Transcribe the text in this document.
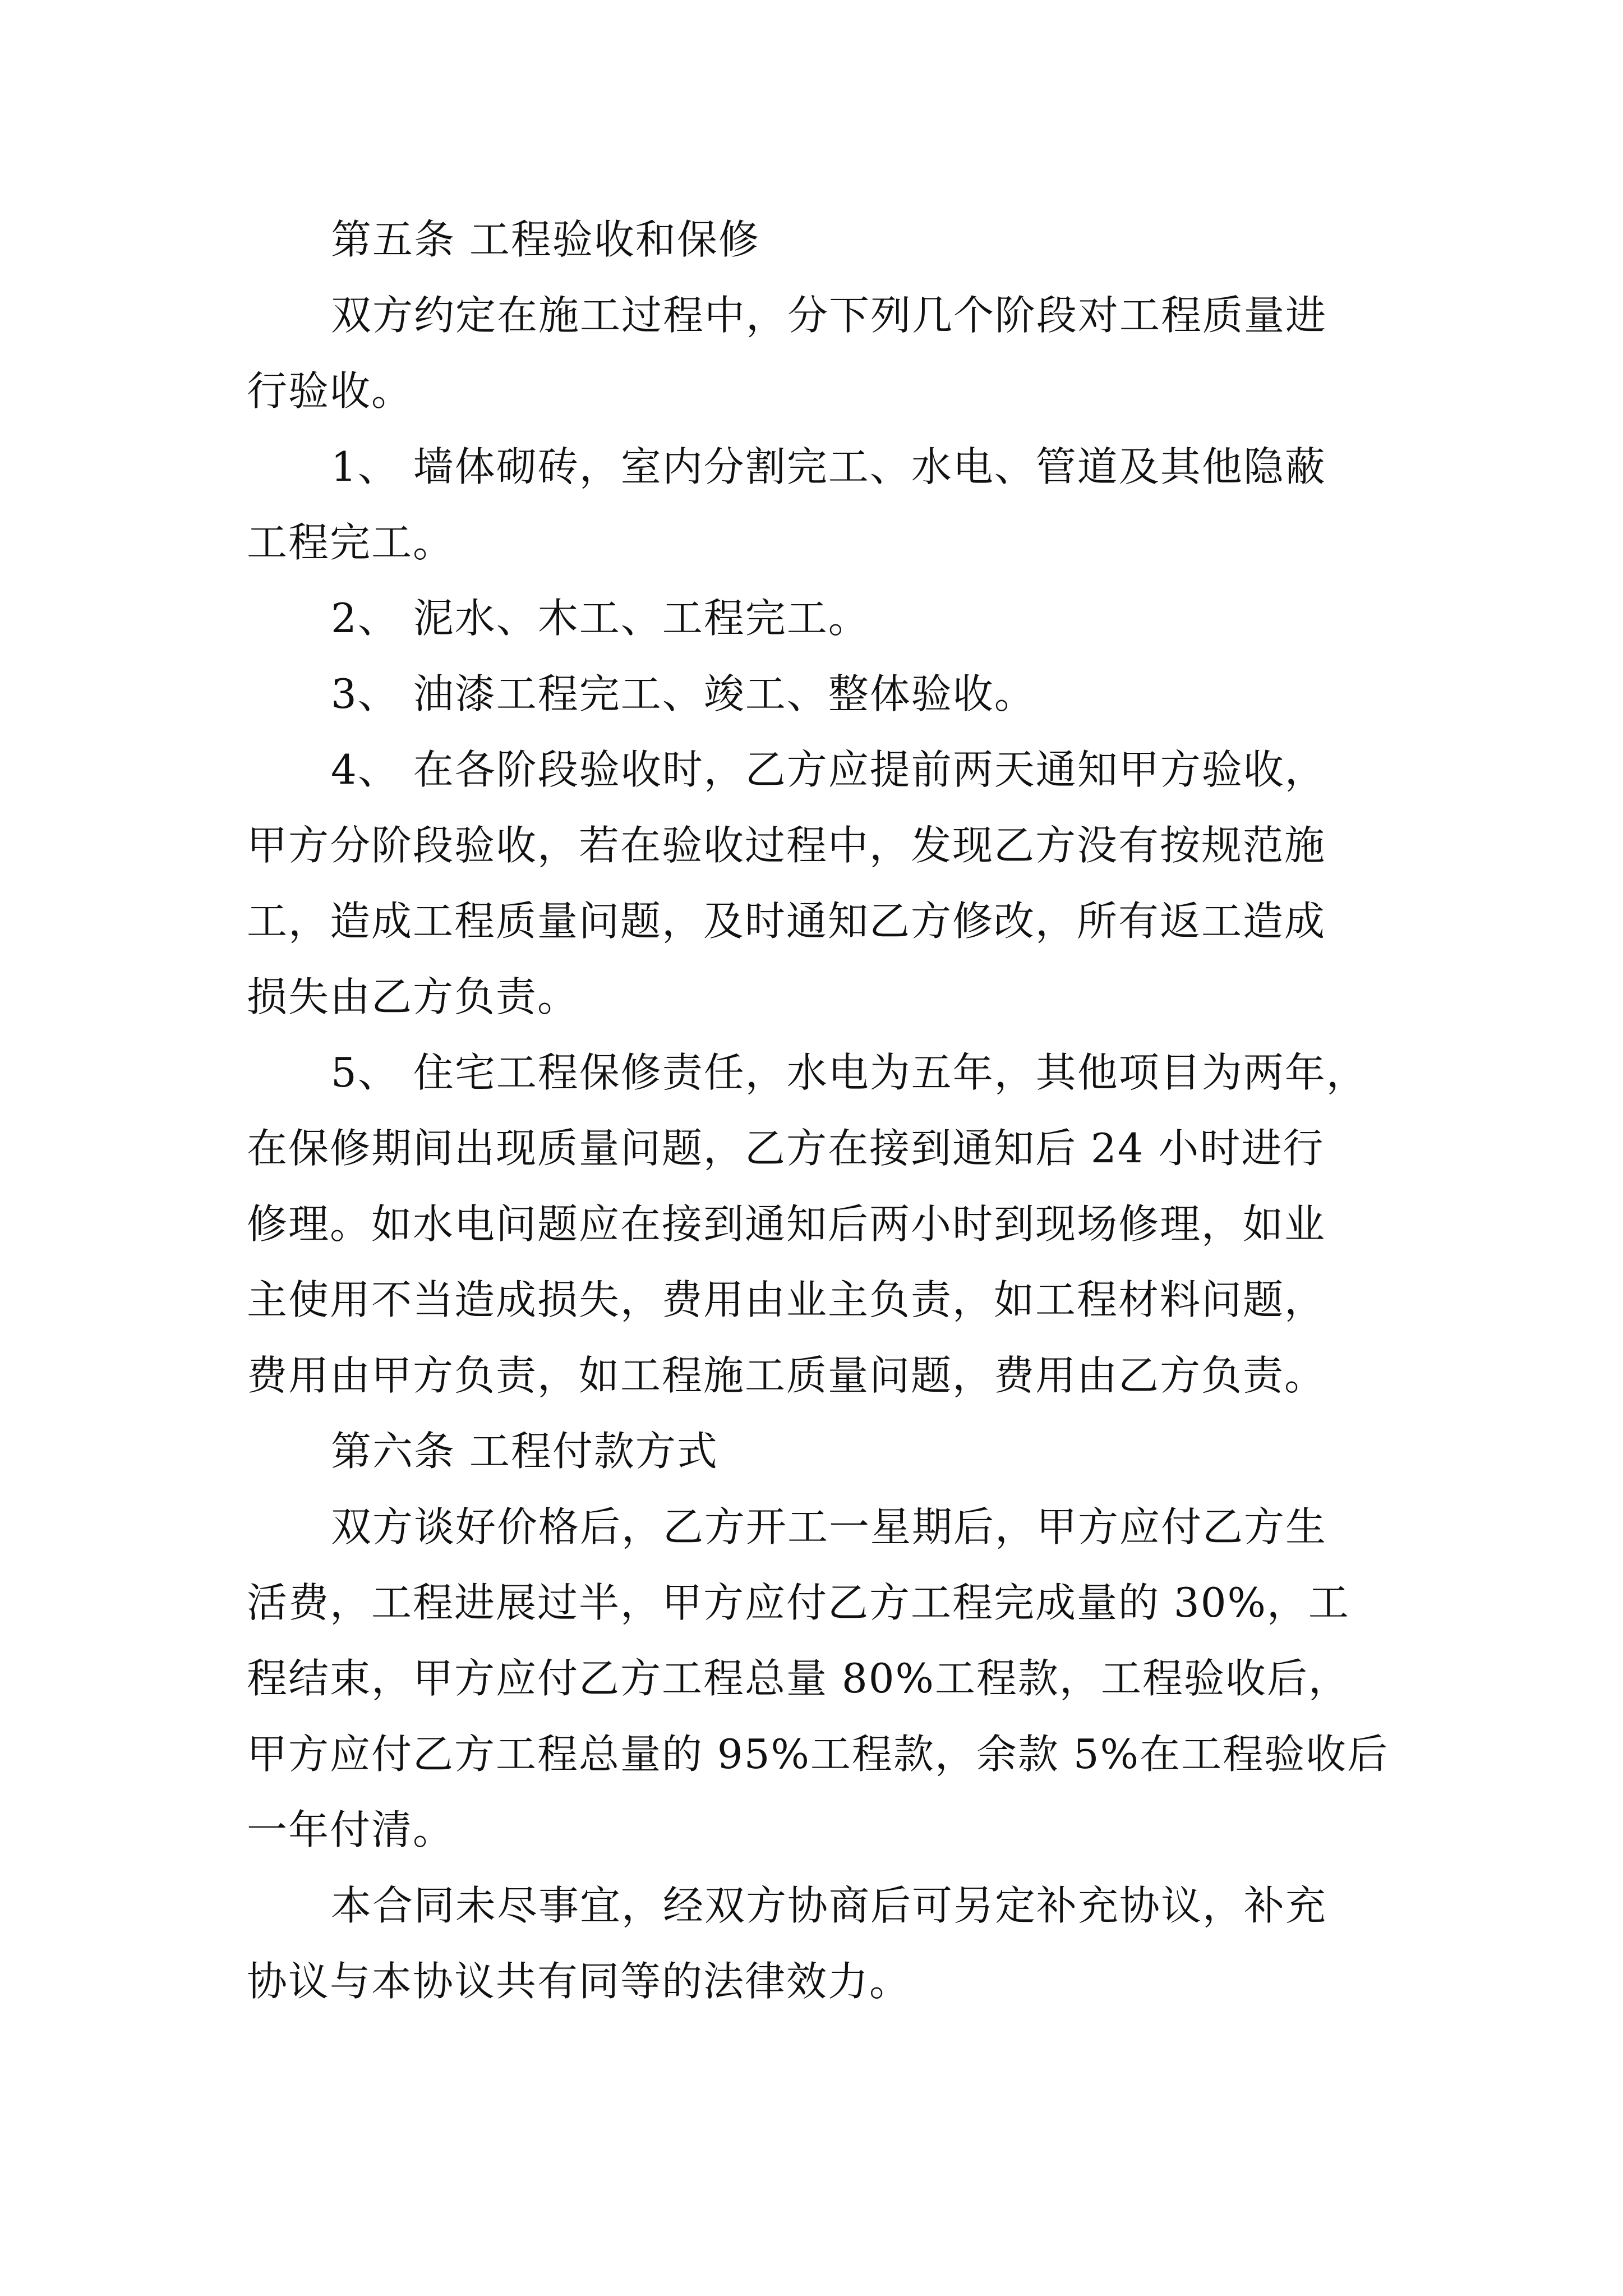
第五条 工程验收和保修
双方约定在施工过程中，分下列几个阶段对工程质量进
行验收。
1、 墙体砌砖，室内分割完工、水电、管道及其他隐蔽
工程完工。
2、 泥水、木工、工程完工。
3、 油漆工程完工、竣工、整体验收。
4、 在各阶段验收时，乙方应提前两天通知甲方验收，
甲方分阶段验收，若在验收过程中，发现乙方没有按规范施
工，造成工程质量问题，及时通知乙方修改，所有返工造成
损失由乙方负责。
5、 住宅工程保修责任，水电为五年，其他项目为两年，
在保修期间出现质量问题，乙方在接到通知后 24 小时进行
修理。如水电问题应在接到通知后两小时到现场修理，如业
主使用不当造成损失，费用由业主负责，如工程材料问题，
费用由甲方负责，如工程施工质量问题，费用由乙方负责。
第六条 工程付款方式
双方谈好价格后，乙方开工一星期后，甲方应付乙方生
活费，工程进展过半，甲方应付乙方工程完成量的 30%，工
程结束，甲方应付乙方工程总量 80%工程款，工程验收后，
甲方应付乙方工程总量的 95%工程款，余款 5%在工程验收后
一年付清。
本合同未尽事宜，经双方协商后可另定补充协议，补充
协议与本协议共有同等的法律效力。
